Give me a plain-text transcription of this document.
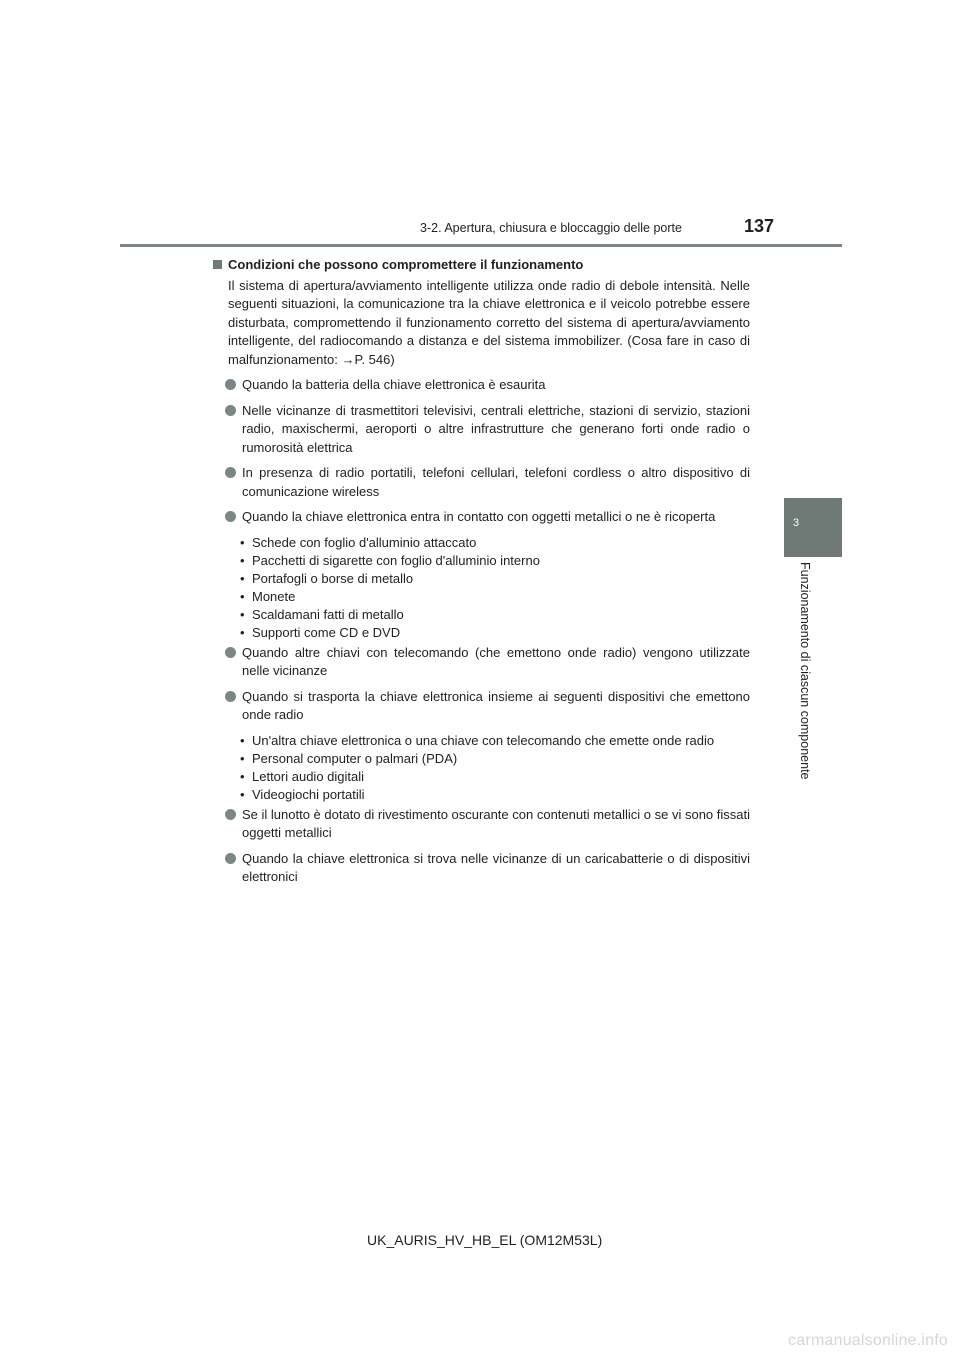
3-2. Apertura, chiusura e bloccaggio delle porte	137
3
Funzionamento di ciascun componente
Condizioni che possono compromettere il funzionamento
Il sistema di apertura/avviamento intelligente utilizza onde radio di debole intensità. Nelle seguenti situazioni, la comunicazione tra la chiave elettronica e il veicolo potrebbe essere disturbata, compromettendo il funzionamento corretto del sistema di apertura/avviamento intelligente, del radiocomando a distanza e del sistema immobilizer. (Cosa fare in caso di malfunzionamento: →P. 546)
Quando la batteria della chiave elettronica è esaurita
Nelle vicinanze di trasmettitori televisivi, centrali elettriche, stazioni di servizio, stazioni radio, maxischermi, aeroporti o altre infrastrutture che generano forti onde radio o rumorosità elettrica
In presenza di radio portatili, telefoni cellulari, telefoni cordless o altro dispositivo di comunicazione wireless
Quando la chiave elettronica entra in contatto con oggetti metallici o ne è ricoperta
• Schede con foglio d'alluminio attaccato
• Pacchetti di sigarette con foglio d'alluminio interno
• Portafogli o borse di metallo
• Monete
• Scaldamani fatti di metallo
• Supporti come CD e DVD
Quando altre chiavi con telecomando (che emettono onde radio) vengono utilizzate nelle vicinanze
Quando si trasporta la chiave elettronica insieme ai seguenti dispositivi che emettono onde radio
• Un'altra chiave elettronica o una chiave con telecomando che emette onde radio
• Personal computer o palmari (PDA)
• Lettori audio digitali
• Videogiochi portatili
Se il lunotto è dotato di rivestimento oscurante con contenuti metallici o se vi sono fissati oggetti metallici
Quando la chiave elettronica si trova nelle vicinanze di un caricabatterie o di dispositivi elettronici
UK_AURIS_HV_HB_EL (OM12M53L)
carmanualsonline.info
